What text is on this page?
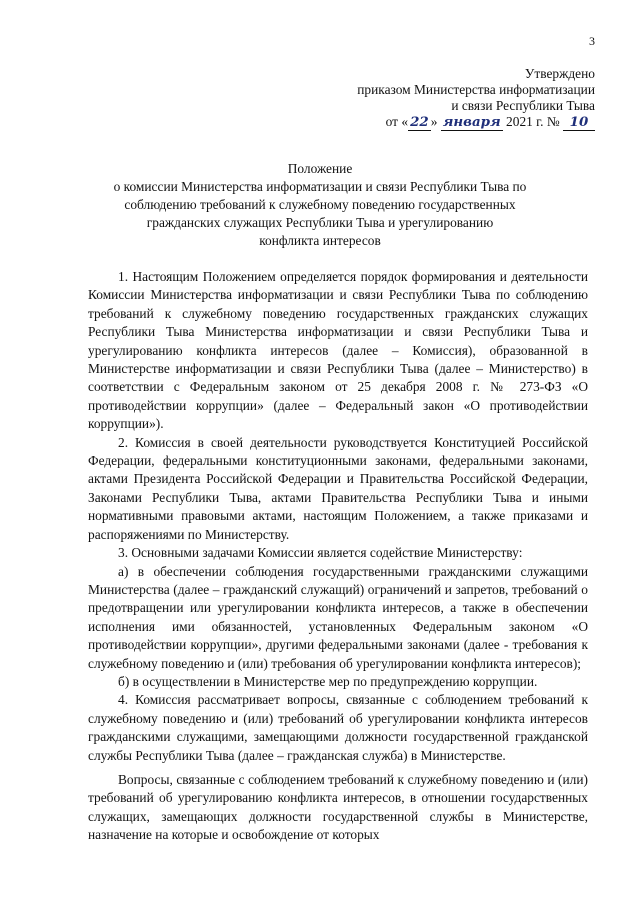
3
Утверждено
приказом Министерства информатизации
и связи Республики Тыва
от « 22 » января 2021 г. № 10
Положение
о комиссии Министерства информатизации и связи Республики Тыва по
соблюдению требований к служебному поведению государственных
гражданских служащих Республики Тыва и урегулированию
конфликта интересов

1. Настоящим Положением определяется порядок формирования и деятельности Комиссии Министерства информатизации и связи Республики Тыва по соблюдению требований к служебному поведению государственных гражданских служащих Республики Тыва Министерства информатизации и связи Республики Тыва и урегулированию конфликта интересов (далее – Комиссия), образованной в Министерстве информатизации и связи Республики Тыва (далее – Министерство) в соответствии с Федеральным законом от 25 декабря 2008 г. № 273-ФЗ «О противодействии коррупции» (далее – Федеральный закон «О противодействии коррупции»).

2. Комиссия в своей деятельности руководствуется Конституцией Российской Федерации, федеральными конституционными законами, федеральными законами, актами Президента Российской Федерации и Правительства Российской Федерации, Законами Республики Тыва, актами Правительства Республики Тыва и иными нормативными правовыми актами, настоящим Положением, а также приказами и распоряжениями по Министерству.

3. Основными задачами Комиссии является содействие Министерству:

а) в обеспечении соблюдения государственными гражданскими служащими Министерства (далее – гражданский служащий) ограничений и запретов, требований о предотвращении или урегулировании конфликта интересов, а также в обеспечении исполнения ими обязанностей, установленных Федеральным законом «О противодействии коррупции», другими федеральными законами (далее - требования к служебному поведению и (или) требования об урегулировании конфликта интересов);

б) в осуществлении в Министерстве мер по предупреждению коррупции.

4. Комиссия рассматривает вопросы, связанные с соблюдением требований к служебному поведению и (или) требований об урегулировании конфликта интересов гражданскими служащими, замещающими должности государственной гражданской службы Республики Тыва (далее – гражданская служба) в Министерстве.

Вопросы, связанные с соблюдением требований к служебному поведению и (или) требований об урегулированию конфликта интересов, в отношении государственных служащих, замещающих должности государственной службы в Министерстве, назначение на которые и освобождение от которых
